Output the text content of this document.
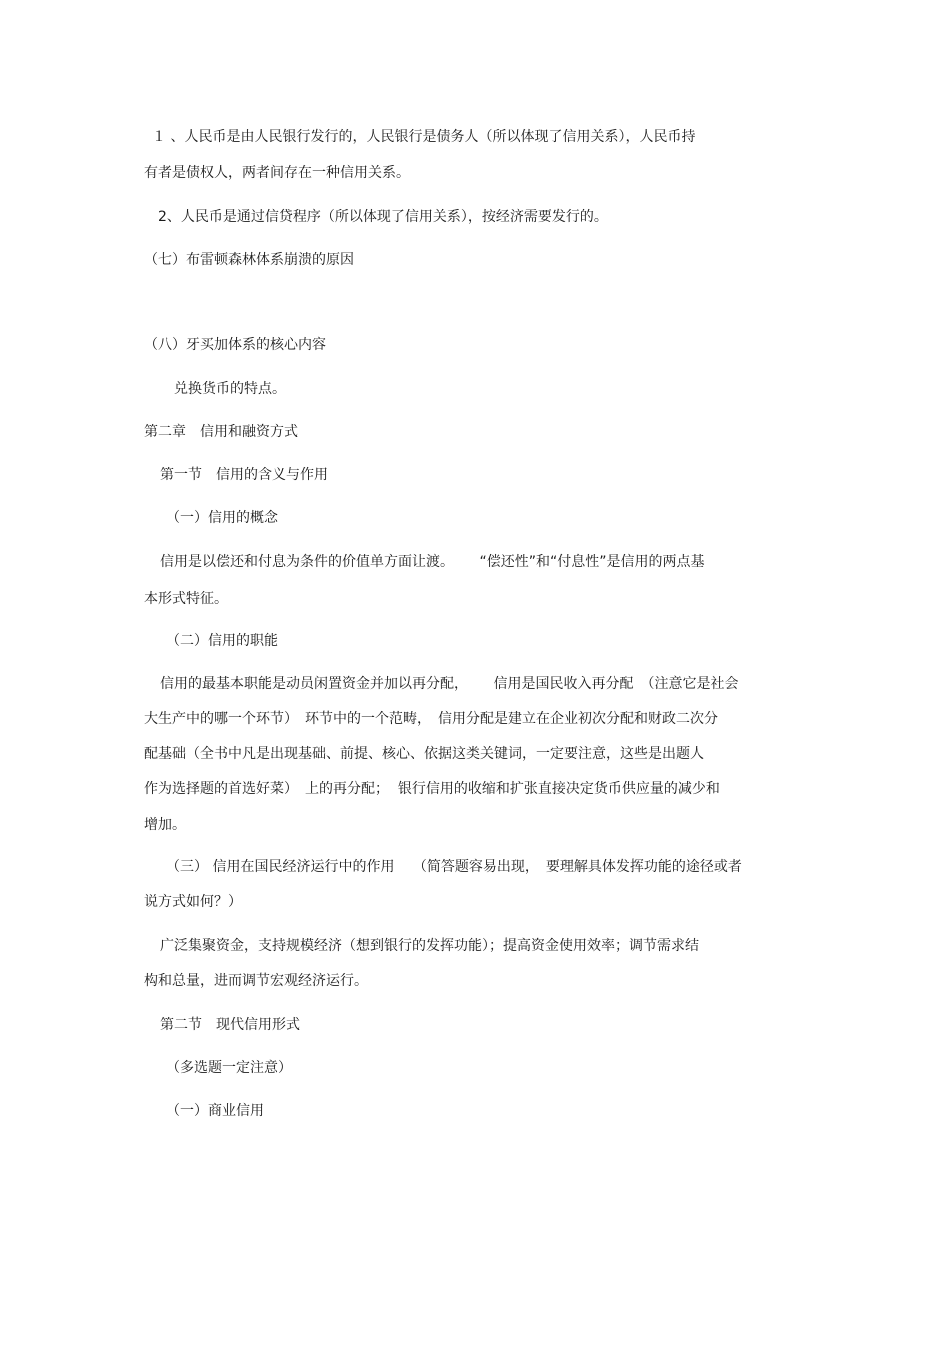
１ 、人民币是由人民银行发行的，人民银行是债务人（所以体现了信用关系），人民币持

有者是债权人，两者间存在一种信用关系。

2、人民币是通过信贷程序（所以体现了信用关系），按经济需要发行的。

（七）布雷顿森林体系崩溃的原因

（八）牙买加体系的核心内容

兑换货币的特点。

第二章　信用和融资方式

第一节　信用的含义与作用

（一）信用的概念

信用是以偿还和付息为条件的价值单方面让渡。　　 “偿还性”和“付息性”是信用的两点基

本形式特征。

（二）信用的职能

信用的最基本职能是动员闲置资金并加以再分配，　　 信用是国民收入再分配　（注意它是社会

大生产中的哪一个环节）　环节中的一个范畴，　信用分配是建立在企业初次分配和财政二次分

配基础（全书中凡是出现基础、前提、核心、依据这类关键词，一定要注意，这些是出题人

作为选择题的首选好菜）　上的再分配；  银行信用的收缩和扩张直接决定货币供应量的减少和

增加。

（三） 信用在国民经济运行中的作用　 （简答题容易出现，　要理解具体发挥功能的途径或者

说方式如何？）

广泛集聚资金，支持规模经济（想到银行的发挥功能）；提高资金使用效率；调节需求结

构和总量，进而调节宏观经济运行。

第二节　现代信用形式

（多选题一定注意）

（一）商业信用
